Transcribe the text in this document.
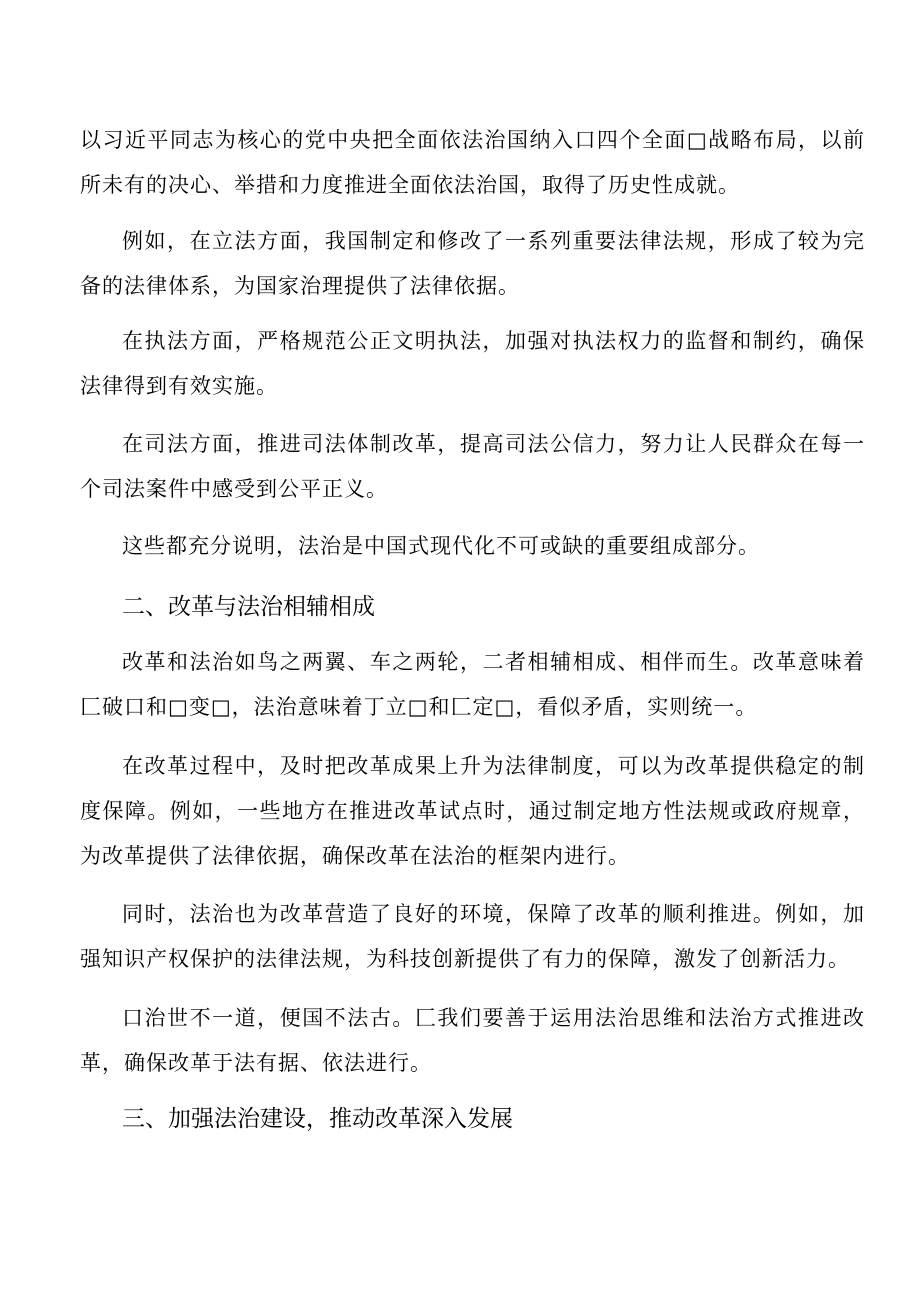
以习近平同志为核心的党中央把全面依法治国纳入口四个全面□战略布局，以前所未有的决心、举措和力度推进全面依法治国，取得了历史性成就。

例如，在立法方面，我国制定和修改了一系列重要法律法规，形成了较为完备的法律体系，为国家治理提供了法律依据。

在执法方面，严格规范公正文明执法，加强对执法权力的监督和制约，确保法律得到有效实施。

在司法方面，推进司法体制改革，提高司法公信力，努力让人民群众在每一个司法案件中感受到公平正义。

这些都充分说明，法治是中国式现代化不可或缺的重要组成部分。

二、改革与法治相辅相成

改革和法治如鸟之两翼、车之两轮，二者相辅相成、相伴而生。改革意味着匚破口和□变□，法治意味着丁立□和匚定□，看似矛盾，实则统一。

在改革过程中，及时把改革成果上升为法律制度，可以为改革提供稳定的制度保障。例如，一些地方在推进改革试点时，通过制定地方性法规或政府规章，为改革提供了法律依据，确保改革在法治的框架内进行。

同时，法治也为改革营造了良好的环境，保障了改革的顺利推进。例如，加强知识产权保护的法律法规，为科技创新提供了有力的保障，激发了创新活力。

口治世不一道，便国不法古。匚我们要善于运用法治思维和法治方式推进改革，确保改革于法有据、依法进行。

三、加强法治建设，推动改革深入发展
